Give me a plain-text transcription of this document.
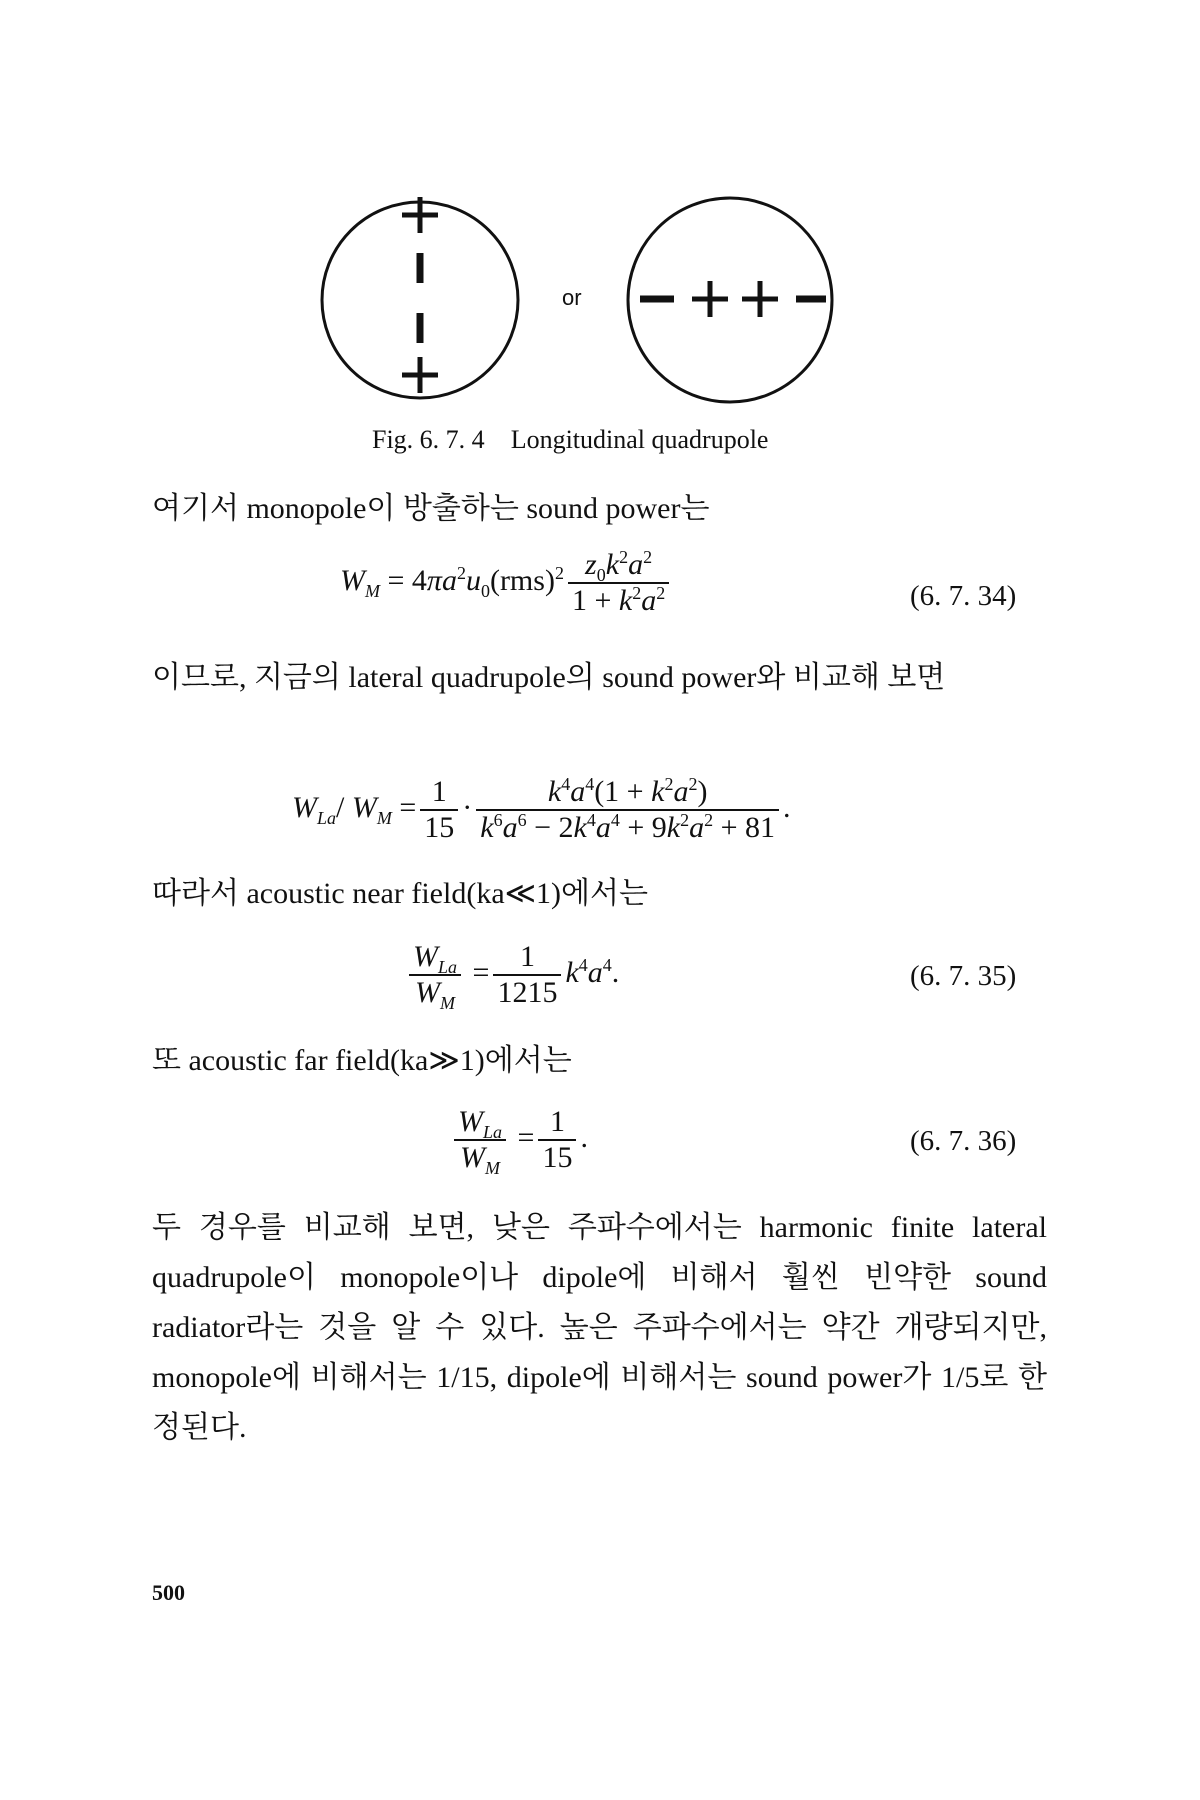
or
Fig. 6. 7. 4 Longitudinal quadrupole
여기서 monopole이 방출하는 sound power는
$W_M = 4\pi a^2u_0(rms)^2 \frac{z_0k^2a^2}{1 + k^2a^2}$	(6. 7. 34)
이므로, 지금의 lateral quadrupole의 sound power와 비교해 보면
$W_{La}/$ $W_M = \frac{1}{15} \cdot \frac{k^4a^4(1 + k^2a^2)}{k^6a^6 - 2k^4a^4 + 9k^2a^2 + 81}$ .
따라서 acoustic near field(ka≪1)에서는
$\frac{W_{La}}{W_M} = \frac{1}{1215} k^4a^4$.	(6. 7. 35)
또 acoustic far field(ka≫1)에서는
$\frac{W_{La}}{W_M} = \frac{1}{15}$ .	(6. 7. 36)
두 경우를 비교해 보면, 낮은 주파수에서는 harmonic finite lateral quadrupole이 monopole이나 dipole에 비해서 훨씬 빈약한 sound radiator라는 것을 알 수 있다. 높은 주파수에서는 약간 개량되지만, monopole에 비해서는 1/15, dipole에 비해서는 sound power가 1/5로 한정된다.
500
